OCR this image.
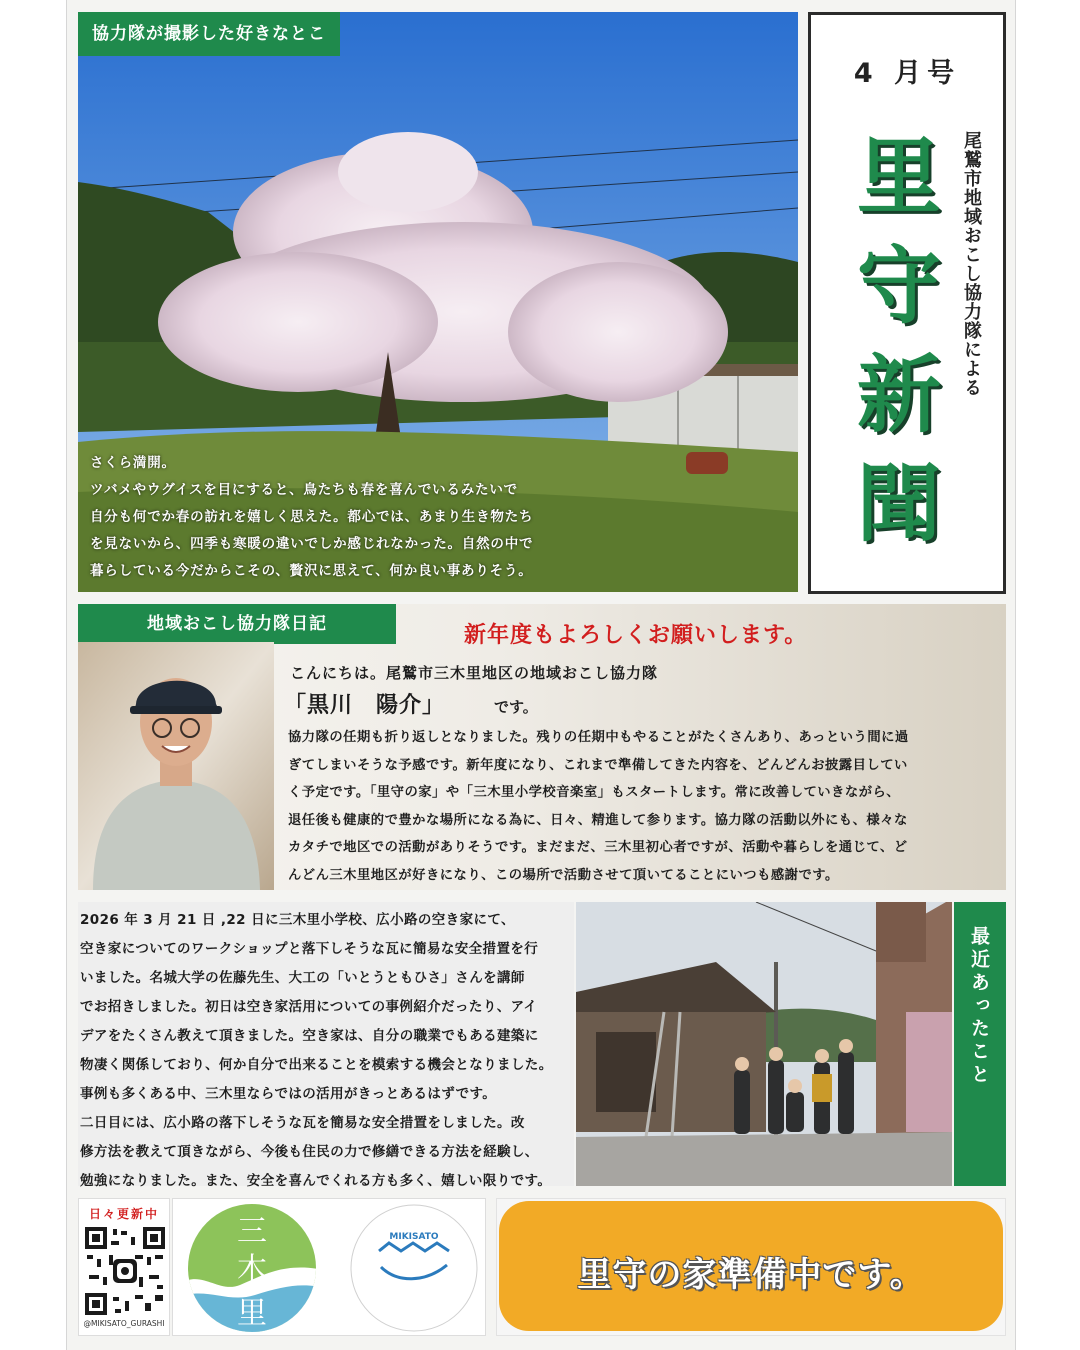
協力隊が撮影した好きなとこ
さくら満開。
ツバメやウグイスを目にすると、鳥たちも春を喜んでいるみたいで
自分も何でか春の訪れを嬉しく思えた。都心では、あまり生き物たち
を見ないから、四季も寒暖の違いでしか感じれなかった。自然の中で
暮らしている今だからこその、贅沢に思えて、何か良い事ありそう。
4 月号
里
守
新
聞
尾鷲市地域おこし協力隊による
地域おこし協力隊日記	新年度もよろしくお願いします。
こんにちは。尾鷲市三木里地区の地域おこし協力隊
「黒川　陽介」	です。
協力隊の任期も折り返しとなりました。残りの任期中もやることがたくさんあり、あっという間に過
ぎてしまいそうな予感です。新年度になり、これまで準備してきた内容を、どんどんお披露目してい
く予定です。「里守の家」や「三木里小学校音楽室」もスタートします。常に改善していきながら、
退任後も健康的で豊かな場所になる為に、日々、精進して参ります。協力隊の活動以外にも、様々な
カタチで地区での活動がありそうです。まだまだ、三木里初心者ですが、活動や暮らしを通じて、ど
んどん三木里地区が好きになり、この場所で活動させて頂いてることにいつも感謝です。
2026 年 3 月 21 日 ,22 日に三木里小学校、広小路の空き家にて、
空き家についてのワークショップと落下しそうな瓦に簡易な安全措置を行
いました。名城大学の佐藤先生、大工の「いとうともひさ」さんを講師
でお招きしました。初日は空き家活用についての事例紹介だったり、アイ
デアをたくさん教えて頂きました。空き家は、自分の職業でもある建築に
物凄く関係しており、何か自分で出来ることを模索する機会となりました。
事例も多くある中、三木里ならではの活用がきっとあるはずです。
二日目には、広小路の落下しそうな瓦を簡易な安全措置をしました。改
修方法を教えて頂きながら、今後も住民の力で修繕できる方法を経験し、
勉強になりました。また、安全を喜んでくれる方も多く、嬉しい限りです。
最近あったこと
日々更新中
@MIKISATO_GURASHI
三
木
里
MIKISATO
里守の家準備中です。
